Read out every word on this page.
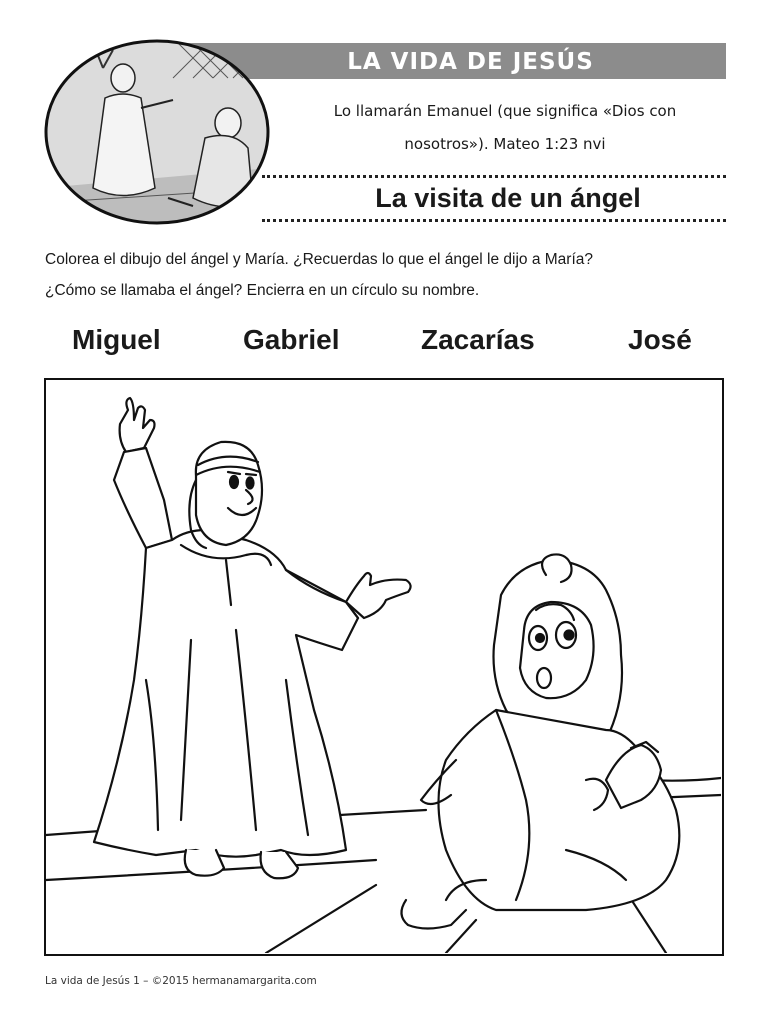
LA VIDA DE JESÚS
Lo llamarán Emanuel (que significa «Dios con
nosotros»). Mateo 1:23 nvi
La visita de un ángel
Colorea el dibujo del ángel y María. ¿Recuerdas lo que el ángel le dijo a María?
¿Cómo se llamaba el ángel? Encierra en un círculo su nombre.
Miguel	Gabriel	Zacarías	José
La vida de Jesús 1 – ©2015 hermanamargarita.com
